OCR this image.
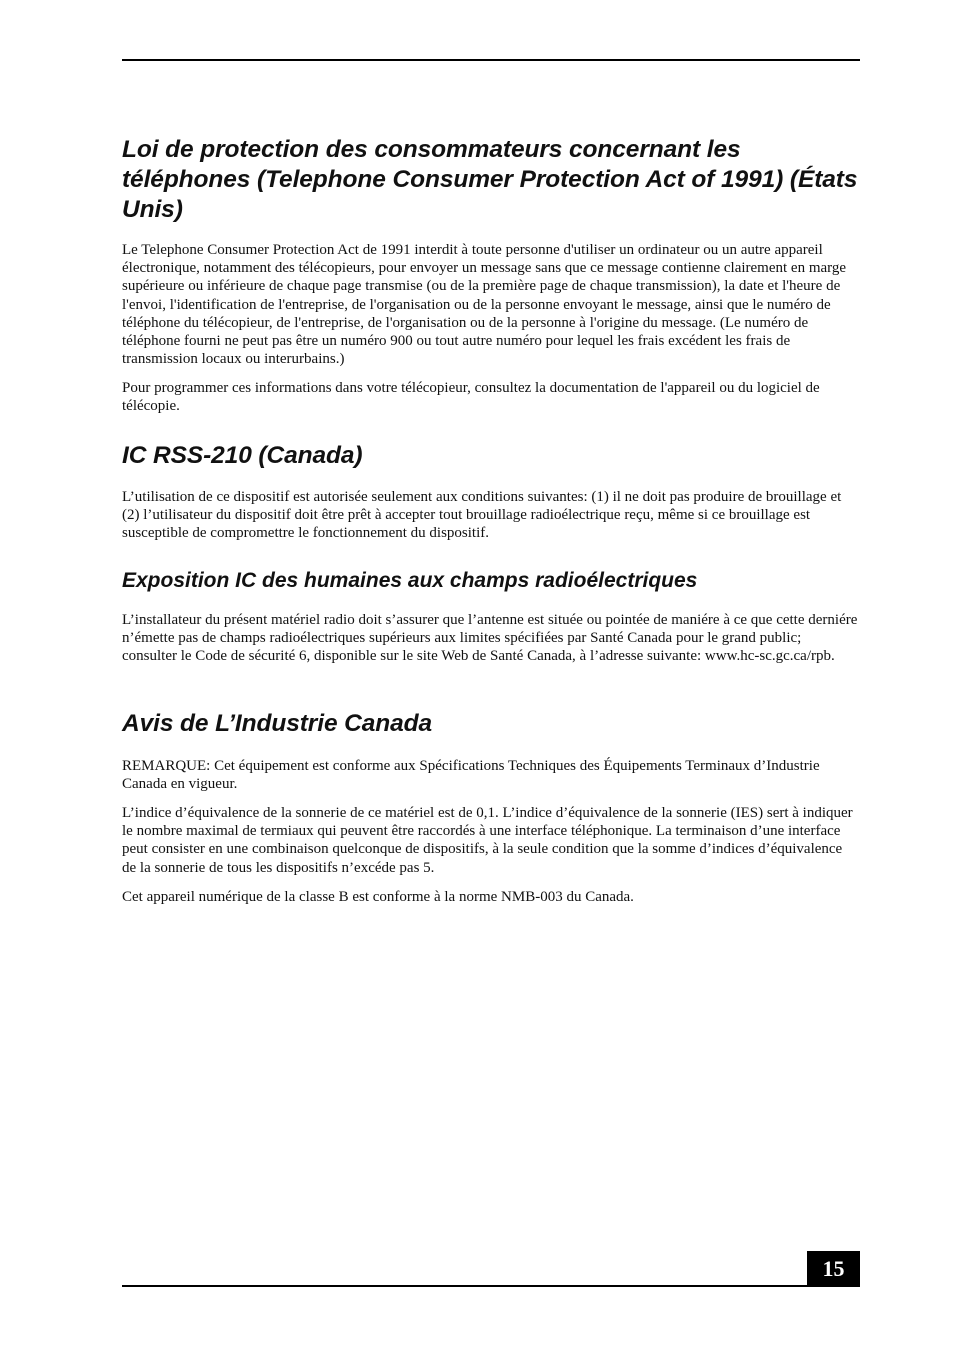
Loi de protection des consommateurs concernant les téléphones (Telephone Consumer Protection Act of 1991) (États Unis)

Le Telephone Consumer Protection Act de 1991 interdit à toute personne d'utiliser un ordinateur ou un autre appareil électronique, notamment des télécopieurs, pour envoyer un message sans que ce message contienne clairement en marge supérieure ou inférieure de chaque page transmise (ou de la première page de chaque transmission), la date et l'heure de l'envoi, l'identification de l'entreprise, de l'organisation ou de la personne envoyant le message, ainsi que le numéro de téléphone du télécopieur, de l'entreprise, de l'organisation ou de la personne à l'origine du message. (Le numéro de téléphone fourni ne peut pas être un numéro 900 ou tout autre numéro pour lequel les frais excédent les frais de transmission locaux ou interurbains.)

Pour programmer ces informations dans votre télécopieur, consultez la documentation de l'appareil ou du logiciel de télécopie.

IC RSS-210 (Canada)

L’utilisation de ce dispositif est autorisée seulement aux conditions suivantes: (1) il ne doit pas produire de brouillage et (2) l’utilisateur du dispositif doit être prêt à accepter tout brouillage radioélectrique reçu, même si ce brouillage est susceptible de compromettre le fonctionnement du dispositif.

Exposition IC des humaines aux champs radioélectriques

L’installateur du présent matériel radio doit s’assurer que l’antenne est située ou pointée de maniére à ce que cette derniére n’émette pas de champs radioélectriques supérieurs aux limites spécifiées par Santé Canada pour le grand public; consulter le Code de sécurité 6, disponible sur le site Web de Santé Canada, à l’adresse suivante: www.hc-sc.gc.ca/rpb.

Avis de L’Industrie Canada

REMARQUE: Cet équipement est conforme aux Spécifications Techniques des Équipements Terminaux d’Industrie Canada en vigueur.

L’indice d’équivalence de la sonnerie de ce matériel est de 0,1. L’indice d’équivalence de la sonnerie (IES) sert à indiquer le nombre maximal de termiaux qui peuvent être raccordés à une interface téléphonique. La terminaison d’une interface peut consister en une combinaison quelconque de dispositifs, à la seule condition que la somme d’indices d’équivalence de la sonnerie de tous les dispositifs n’excéde pas 5.

Cet appareil numérique de la classe B est conforme à la norme NMB-003 du Canada.

15
